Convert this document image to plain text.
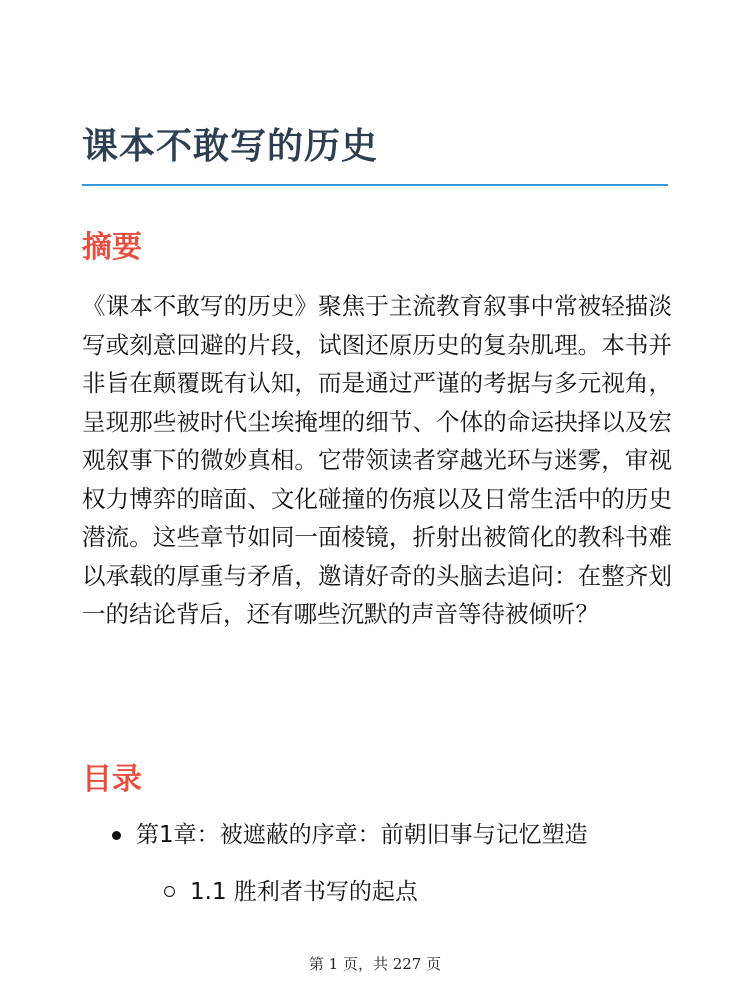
课本不敢写的历史
摘要

《课本不敢写的历史》聚焦于主流教育叙事中常被轻描淡写或刻意回避的片段，试图还原历史的复杂肌理。本书并非旨在颠覆既有认知，而是通过严谨的考据与多元视角，呈现那些被时代尘埃掩埋的细节、个体的命运抉择以及宏观叙事下的微妙真相。它带领读者穿越光环与迷雾，审视权力博弈的暗面、文化碰撞的伤痕以及日常生活中的历史潜流。这些章节如同一面棱镜，折射出被简化的教科书难以承载的厚重与矛盾，邀请好奇的头脑去追问：在整齐划一的结论背后，还有哪些沉默的声音等待被倾听？

目录
第1章：被遮蔽的序章：前朝旧事与记忆塑造
1.1 胜利者书写的起点
第 1 页，共 227 页
